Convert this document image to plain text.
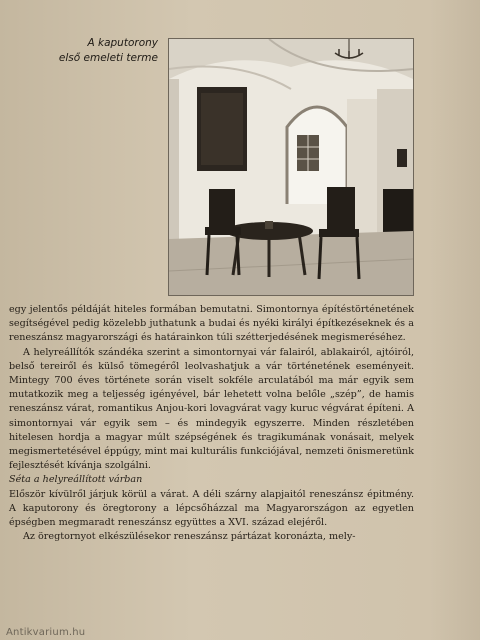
A kaputorony
első emeleti terme

egy jelentős példáját hiteles formában bemutatni. Simontornya építéstörténetének segítségével pedig közelebb juthatunk a budai és nyéki királyi építkezéseknek és a reneszánsz magyarországi és határainkon túli szétterjedésének megismeréséhez.

A helyreállítók szándéka szerint a simontornyai vár falairól, ablakairól, ajtóiról, belső tereiről és külső tömegéről leolvashatjuk a vár történetének eseményeit. Mintegy 700 éves története során viselt sokféle arculatából ma már egyik sem mutatkozik meg a teljesség igényével, bár lehetett volna belőle „szép”, de hamis reneszánsz várat, romantikus Anjou-kori lovagvárat vagy kuruc végvárat építeni. A simontornyai vár egyik sem – és mindegyik egyszerre. Minden részletében hitelesen hordja a magyar múlt szépségének és tragikumának vonásait, melyek megismertetésével éppúgy, mint mai kulturális funkciójával, nemzeti önismeretünk fejlesztését kívánja szolgálni.

Séta a helyreállított várban

Először kívülről járjuk körül a várat. A déli szárny alapjaitól reneszánsz épitmény. A kaputorony és öregtorony a lépcsőházzal ma Magyarországon az egyetlen épségben megmaradt reneszánsz együttes a XVI. század elejéről.

Az öregtornyot elkészülésekor reneszánsz pártázat koronázta, mely-

Antikvarium.hu
